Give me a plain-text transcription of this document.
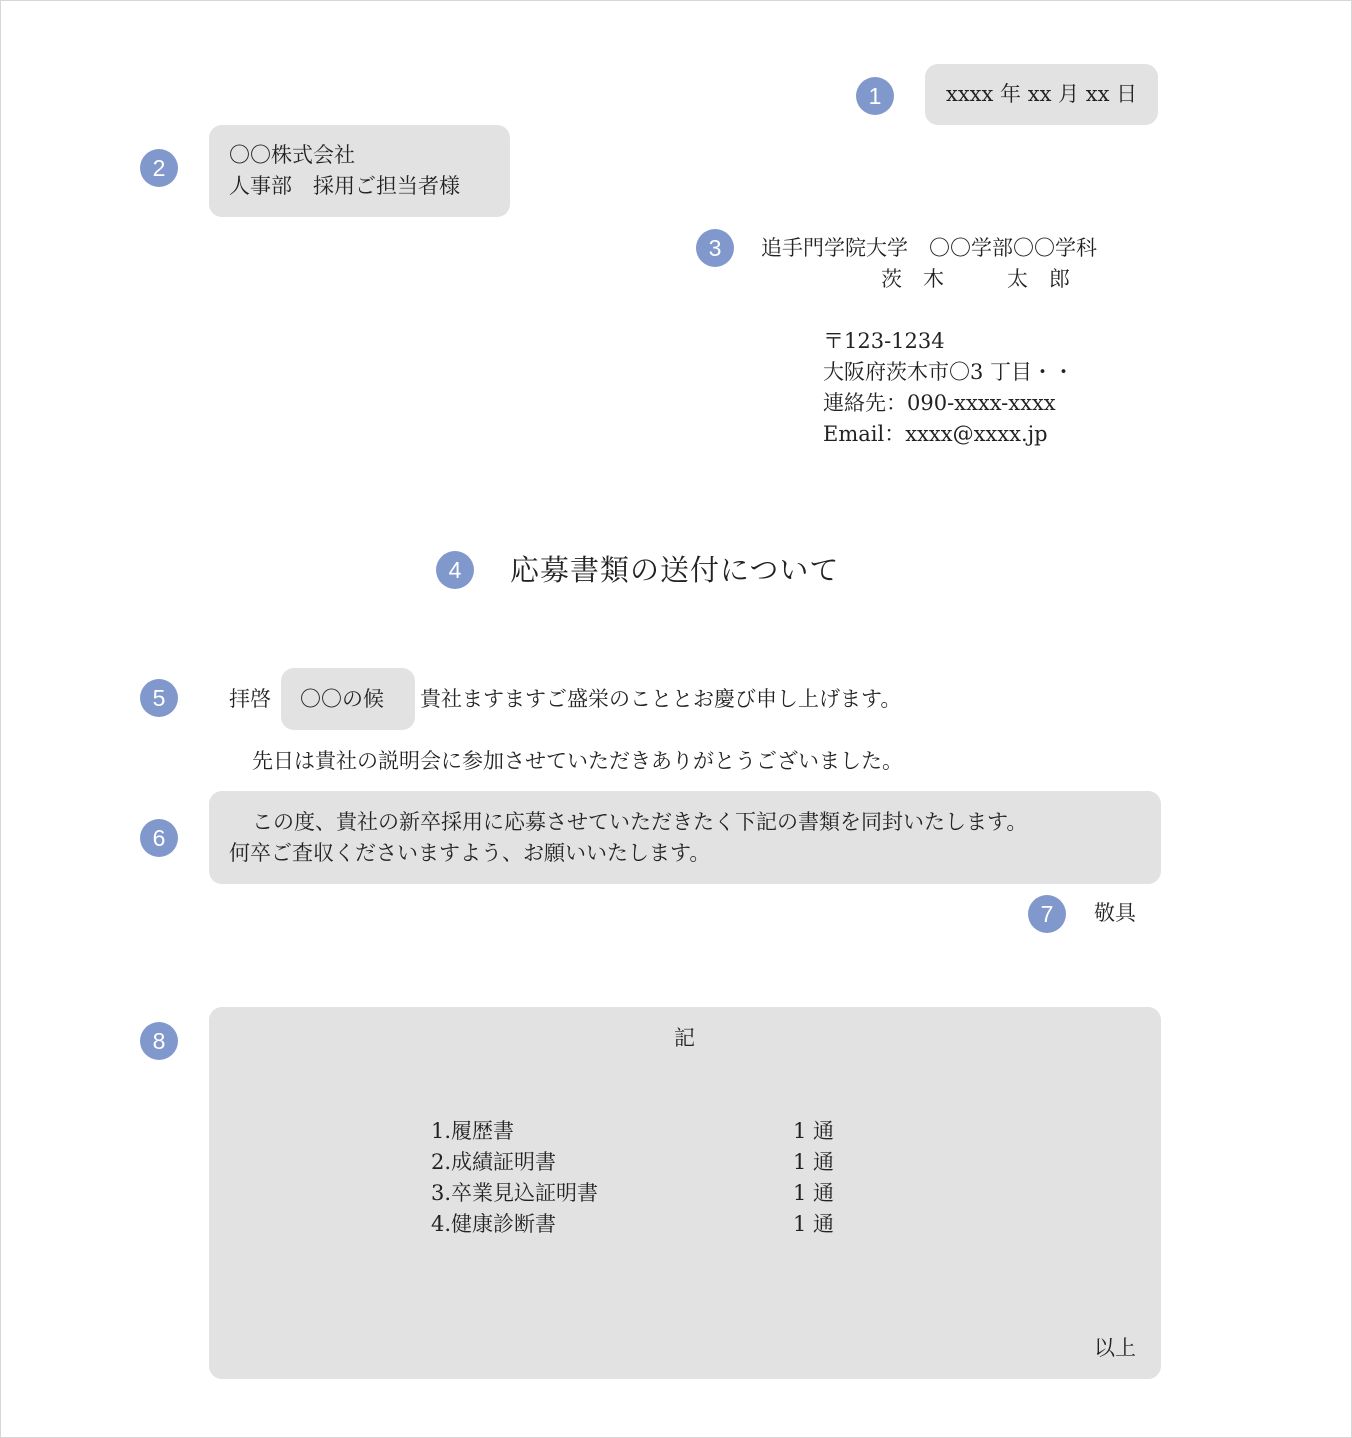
1	xxxx 年 xx 月 xx 日
2	〇〇株式会社
人事部　採用ご担当者様
3	追手門学院大学　〇〇学部〇〇学科
茨　木　　　太　郎
〒123-1234
大阪府茨木市〇3 丁目・・
連絡先：090-xxxx-xxxx
Email：xxxx@xxxx.jp
4	応募書類の送付について
5	拝啓 〇〇の候 貴社ますますご盛栄のこととお慶び申し上げます。
先日は貴社の説明会に参加させていただきありがとうございました。
6
この度、貴社の新卒採用に応募させていただきたく下記の書類を同封いたします。
何卒ご査収くださいますよう、お願いいたします。
7	敬具
8	記
1.履歴書	1 通
2.成績証明書	1 通
3.卒業見込証明書	1 通
4.健康診断書	1 通
以上
